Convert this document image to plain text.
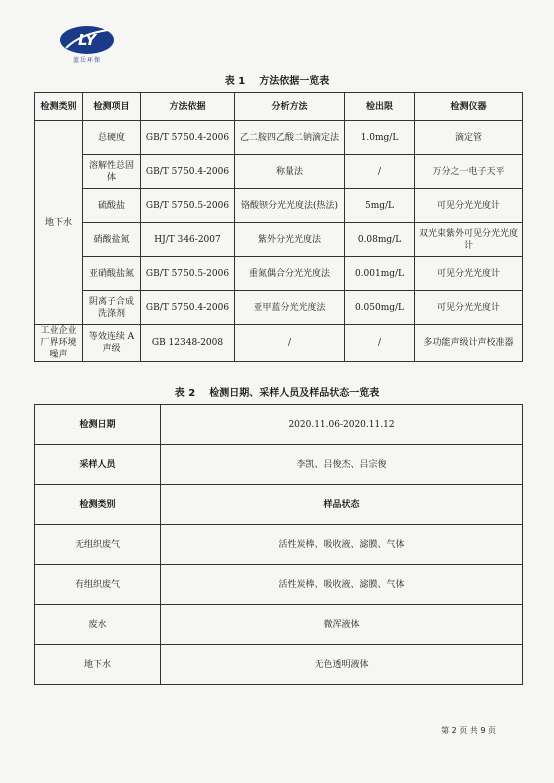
LY
蓝岳环保
表 1 方法依据一览表
检测类别	检测项目	方法依据	分析方法	检出限	检测仪器
地下水	总硬度	GB/T 5750.4-2006	乙二胺四乙酸二钠滴定法	1.0mg/L	滴定管
	溶解性总固体	GB/T 5750.4-2006	称量法	/	万分之一电子天平
	硫酸盐	GB/T 5750.5-2006	铬酸钡分光光度法(热法)	5mg/L	可见分光光度计
	硝酸盐氮	HJ/T 346-2007	紫外分光光度法	0.08mg/L	双光束紫外可见分光光度计
	亚硝酸盐氮	GB/T 5750.5-2006	重氮偶合分光光度法	0.001mg/L	可见分光光度计
	阴离子合成洗涤剂	GB/T 5750.4-2006	亚甲蓝分光光度法	0.050mg/L	可见分光光度计
工业企业厂界环境噪声	等效连续 A 声级	GB 12348-2008	/	/	多功能声级计声校准器
表 2 检测日期、采样人员及样品状态一览表
检测日期	2020.11.06-2020.11.12
采样人员	李凯、吕俊杰、吕宗俊
检测类别	样品状态
无组织废气	活性炭棒、吸收液、滤膜、气体
有组织废气	活性炭棒、吸收液、滤膜、气体
废水	微浑液体
地下水	无色透明液体
第 2 页 共 9 页
